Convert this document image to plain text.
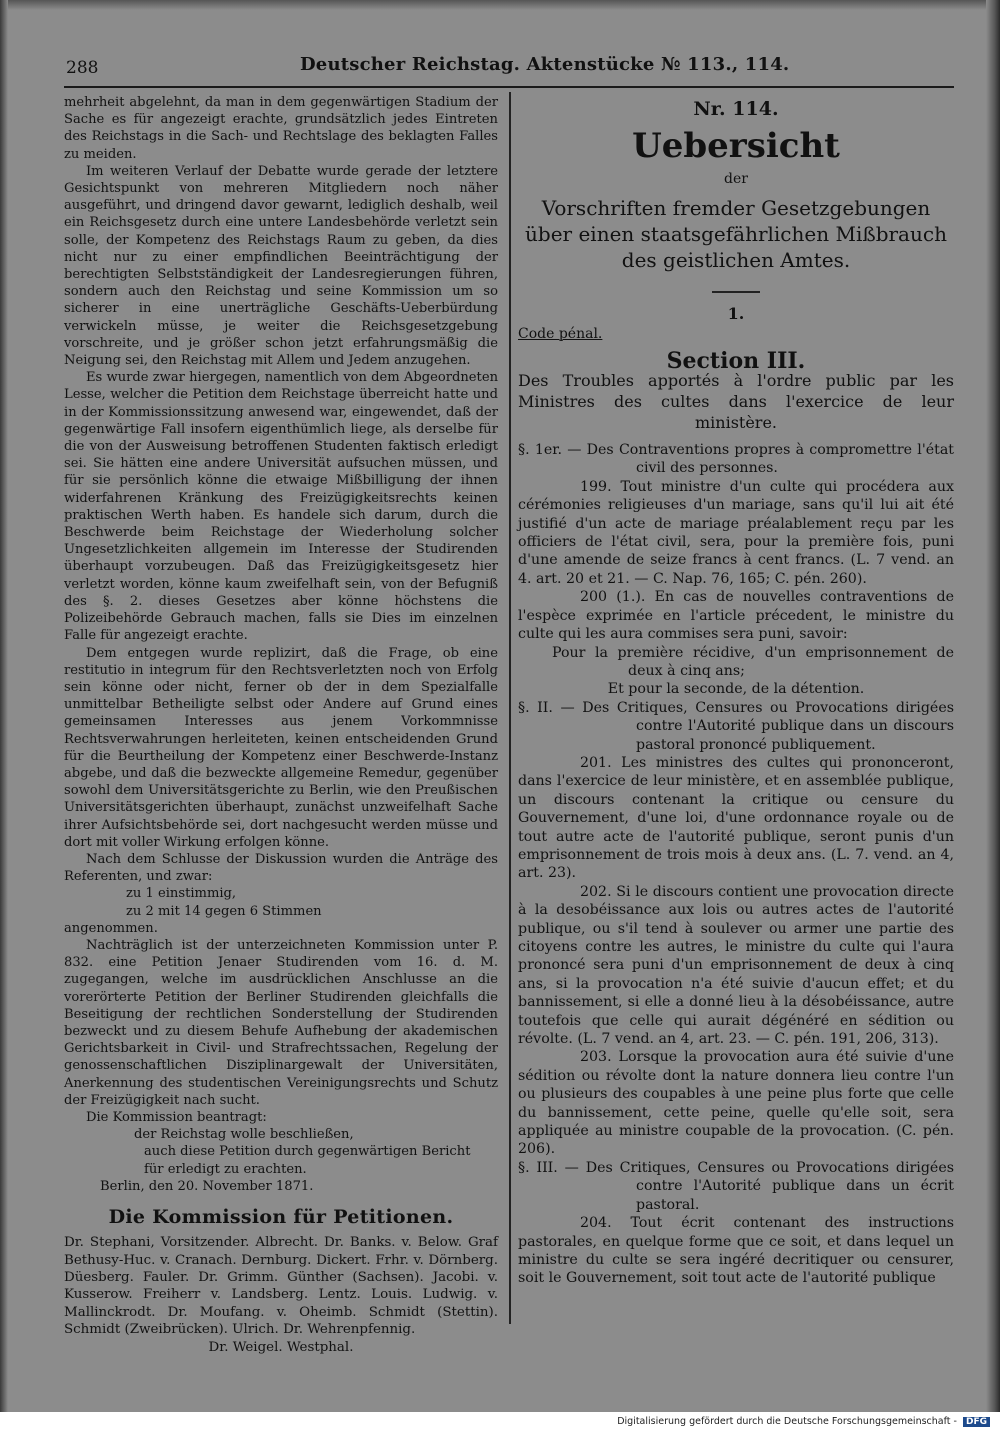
288	Deutscher Reichstag. Aktenstücke № 113., 114.

mehrheit abgelehnt, da man in dem gegenwärtigen Stadium der Sache es für angezeigt erachte, grundsätzlich jedes Eintreten des Reichstags in die Sach- und Rechtslage des beklagten Falles zu meiden.

Im weiteren Verlauf der Debatte wurde gerade der letztere Gesichtspunkt von mehreren Mitgliedern noch näher ausgeführt, und dringend davor gewarnt, lediglich deshalb, weil ein Reichsgesetz durch eine untere Landesbehörde verletzt sein solle, der Kompetenz des Reichstags Raum zu geben, da dies nicht nur zu einer empfindlichen Beeinträchtigung der berechtigten Selbstständigkeit der Landesregierungen führen, sondern auch den Reichstag und seine Kommission um so sicherer in eine unerträgliche Geschäfts-Ueberbürdung verwickeln müsse, je weiter die Reichsgesetzgebung vorschreite, und je größer schon jetzt erfahrungsmäßig die Neigung sei, den Reichstag mit Allem und Jedem anzugehen.

Es wurde zwar hiergegen, namentlich von dem Abgeordneten Lesse, welcher die Petition dem Reichstage überreicht hatte und in der Kommissionssitzung anwesend war, eingewendet, daß der gegenwärtige Fall insofern eigenthümlich liege, als derselbe für die von der Ausweisung betroffenen Studenten faktisch erledigt sei. Sie hätten eine andere Universität aufsuchen müssen, und für sie persönlich könne die etwaige Mißbilligung der ihnen widerfahrenen Kränkung des Freizügigkeitsrechts keinen praktischen Werth haben. Es handele sich darum, durch die Beschwerde beim Reichstage der Wiederholung solcher Ungesetzlichkeiten allgemein im Interesse der Studirenden überhaupt vorzubeugen. Daß das Freizügigkeitsgesetz hier verletzt worden, könne kaum zweifelhaft sein, von der Befugniß des §. 2. dieses Gesetzes aber könne höchstens die Polizeibehörde Gebrauch machen, falls sie Dies im einzelnen Falle für angezeigt erachte.

Dem entgegen wurde replizirt, daß die Frage, ob eine restitutio in integrum für den Rechtsverletzten noch von Erfolg sein könne oder nicht, ferner ob der in dem Spezialfalle unmittelbar Betheiligte selbst oder Andere auf Grund eines gemeinsamen Interesses aus jenem Vorkommnisse Rechtsverwahrungen herleiteten, keinen entscheidenden Grund für die Beurtheilung der Kompetenz einer Beschwerde-Instanz abgebe, und daß die bezweckte allgemeine Remedur, gegenüber sowohl dem Universitätsgerichte zu Berlin, wie den Preußischen Universitätsgerichten überhaupt, zunächst unzweifelhaft Sache ihrer Aufsichtsbehörde sei, dort nachgesucht werden müsse und dort mit voller Wirkung erfolgen könne.

Nach dem Schlusse der Diskussion wurden die Anträge des Referenten, und zwar:

zu 1 einstimmig,

zu 2 mit 14 gegen 6 Stimmen

angenommen.

Nachträglich ist der unterzeichneten Kommission unter P. 832. eine Petition Jenaer Studirenden vom 16. d. M. zugegangen, welche im ausdrücklichen Anschlusse an die vorerörterte Petition der Berliner Studirenden gleichfalls die Beseitigung der rechtlichen Sonderstellung der Studirenden bezweckt und zu diesem Behufe Aufhebung der akademischen Gerichtsbarkeit in Civil- und Strafrechtssachen, Regelung der genossenschaftlichen Disziplinargewalt der Universitäten, Anerkennung des studentischen Vereinigungsrechts und Schutz der Freizügigkeit nach sucht.

Die Kommission beantragt:

der Reichstag wolle beschließen,

auch diese Petition durch gegenwärtigen Bericht

für erledigt zu erachten.

Berlin, den 20. November 1871.

Die Kommission für Petitionen.

Dr. Stephani, Vorsitzender. Albrecht. Dr. Banks. v. Below. Graf Bethusy-Huc. v. Cranach. Dernburg. Dickert. Frhr. v. Dörnberg. Düesberg. Fauler. Dr. Grimm. Günther (Sachsen). Jacobi. v. Kusserow. Freiherr v. Landsberg. Lentz. Louis. Ludwig. v. Mallinckrodt. Dr. Moufang. v. Oheimb. Schmidt (Stettin). Schmidt (Zweibrücken). Ulrich. Dr. Wehrenpfennig.

Dr. Weigel. Westphal.

Nr. 114.
Uebersicht
der
Vorschriften fremder Gesetzgebungen über einen staatsgefährlichen Mißbrauch des geistlichen Amtes.
1.
Code pénal.
Section III.

Des Troubles apportés à l'ordre public par les Ministres des cultes dans l'exercice de leur ministère.

§. 1er. — Des Contraventions propres à compromettre l'état civil des personnes.

199. Tout ministre d'un culte qui procédera aux cérémonies religieuses d'un mariage, sans qu'il lui ait été justifié d'un acte de mariage préalablement reçu par les officiers de l'état civil, sera, pour la première fois, puni d'une amende de seize francs à cent francs. (L. 7 vend. an 4. art. 20 et 21. — C. Nap. 76, 165; C. pén. 260).

200 (1.). En cas de nouvelles contraventions de l'espèce exprimée en l'article précedent, le ministre du culte qui les aura commises sera puni, savoir:

Pour la première récidive, d'un emprisonnement de deux à cinq ans;

Et pour la seconde, de la détention.

§. II. — Des Critiques, Censures ou Provocations dirigées contre l'Autorité publique dans un discours pastoral prononcé publiquement.

201. Les ministres des cultes qui prononceront, dans l'exercice de leur ministère, et en assemblée publique, un discours contenant la critique ou censure du Gouvernement, d'une loi, d'une ordonnance royale ou de tout autre acte de l'autorité publique, seront punis d'un emprisonnement de trois mois à deux ans. (L. 7. vend. an 4, art. 23).

202. Si le discours contient une provocation directe à la desobéissance aux lois ou autres actes de l'autorité publique, ou s'il tend à soulever ou armer une partie des citoyens contre les autres, le ministre du culte qui l'aura prononcé sera puni d'un emprisonnement de deux à cinq ans, si la provocation n'a été suivie d'aucun effet; et du bannissement, si elle a donné lieu à la désobéissance, autre toutefois que celle qui aurait dégénéré en sédition ou révolte. (L. 7 vend. an 4, art. 23. — C. pén. 191, 206, 313).

203. Lorsque la provocation aura été suivie d'une sédition ou révolte dont la nature donnera lieu contre l'un ou plusieurs des coupables à une peine plus forte que celle du bannissement, cette peine, quelle qu'elle soit, sera appliquée au ministre coupable de la provocation. (C. pén. 206).

§. III. — Des Critiques, Censures ou Provocations dirigées contre l'Autorité publique dans un écrit pastoral.

204. Tout écrit contenant des instructions pastorales, en quelque forme que ce soit, et dans lequel un ministre du culte se sera ingéré decritiquer ou censurer, soit le Gouvernement, soit tout acte de l'autorité publique

Digitalisierung gefördert durch die Deutsche Forschungsgemeinschaft - DFG
